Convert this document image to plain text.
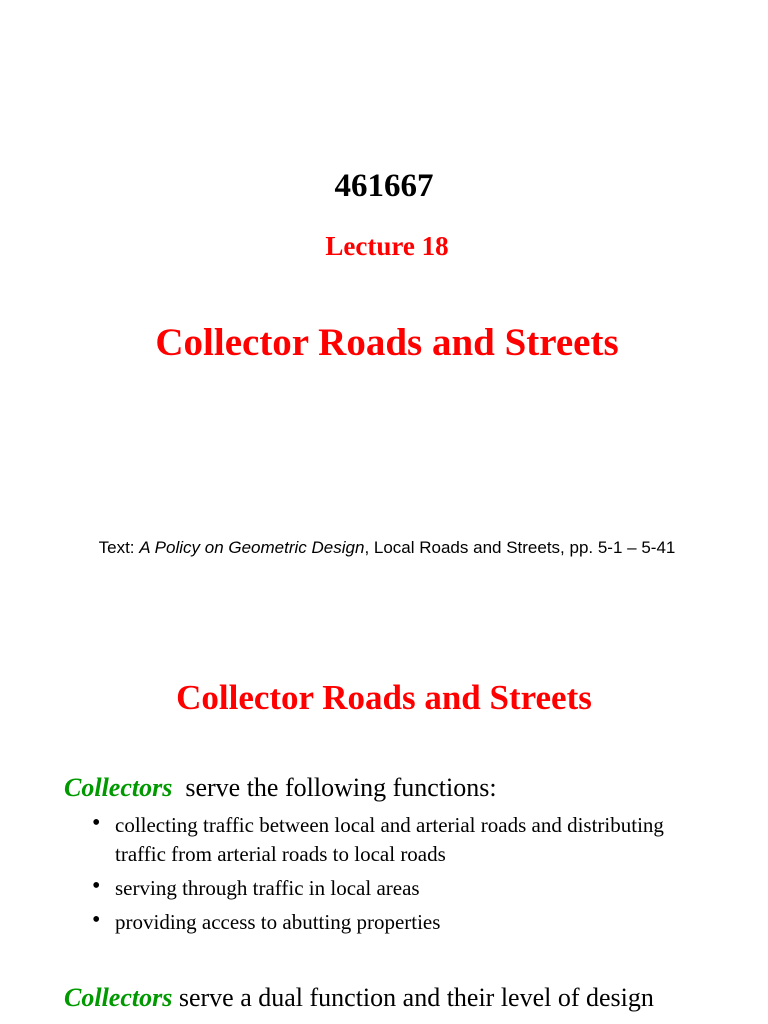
461667
Lecture 18
Collector Roads and Streets
Text: A Policy on Geometric Design, Local Roads and Streets, pp. 5-1 – 5-41
Collector Roads and Streets
Collectors  serve the following functions:
• collecting traffic between local and arterial roads and distributing traffic from arterial roads to local roads
• serving through traffic in local areas
• providing access to abutting properties
Collectors serve a dual function and their level of design
